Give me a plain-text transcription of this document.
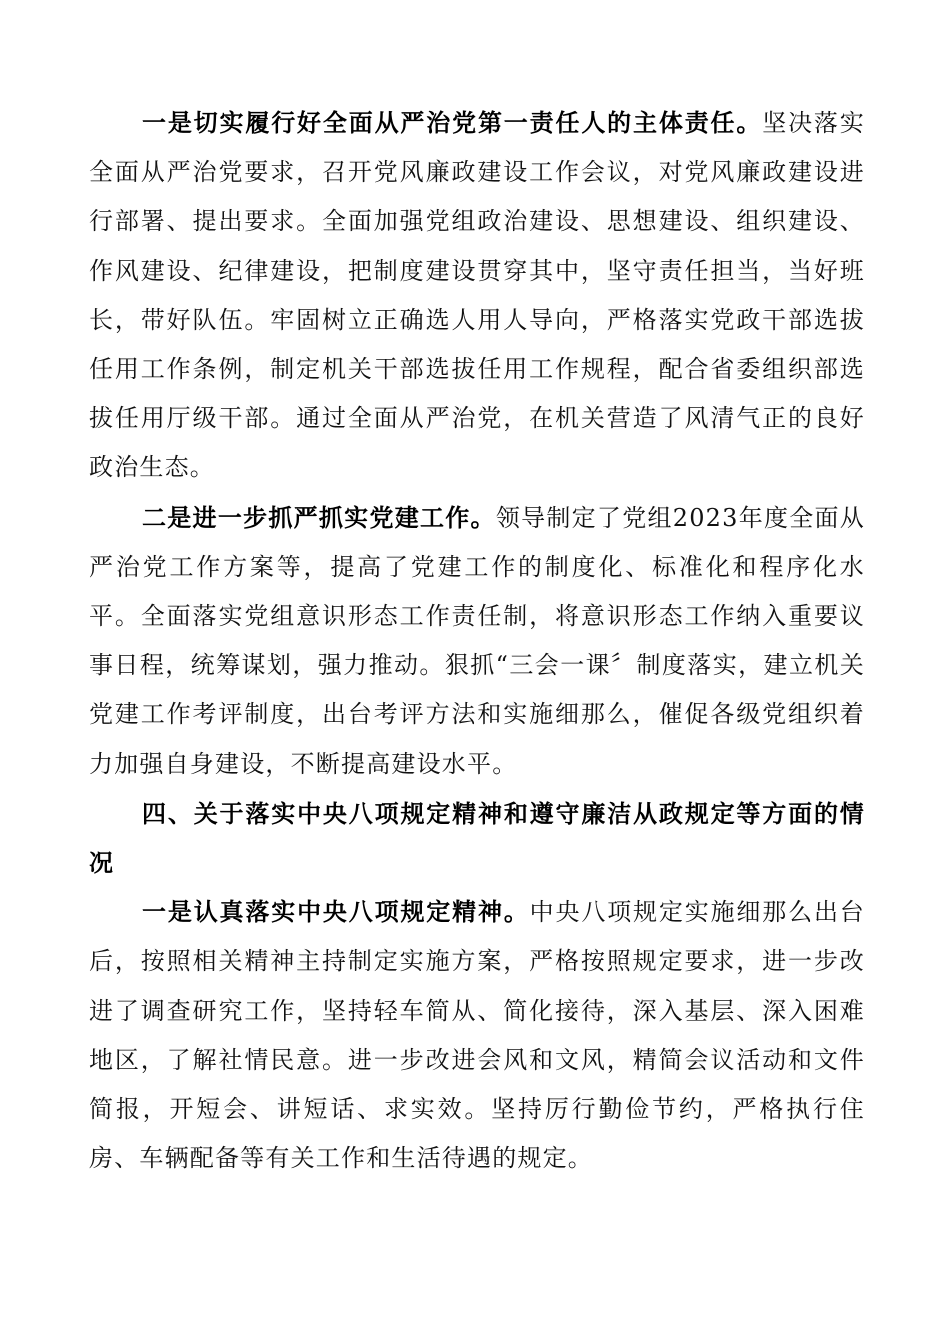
一是切实履行好全面从严治党第一责任人的主体责任。坚决落实全面从严治党要求，召开党风廉政建设工作会议，对党风廉政建设进行部署、提出要求。全面加强党组政治建设、思想建设、组织建设、作风建设、纪律建设，把制度建设贯穿其中，坚守责任担当，当好班长，带好队伍。牢固树立正确选人用人导向，严格落实党政干部选拔任用工作条例，制定机关干部选拔任用工作规程，配合省委组织部选拔任用厅级干部。通过全面从严治党，在机关营造了风清气正的良好政治生态。

二是进一步抓严抓实党建工作。领导制定了党组2023年度全面从严治党工作方案等，提高了党建工作的制度化、标准化和程序化水平。全面落实党组意识形态工作责任制，将意识形态工作纳入重要议事日程，统筹谋划，强力推动。狠抓“三会一课〞制度落实，建立机关党建工作考评制度，出台考评方法和实施细那么，催促各级党组织着力加强自身建设，不断提高建设水平。

四、关于落实中央八项规定精神和遵守廉洁从政规定等方面的情况

一是认真落实中央八项规定精神。中央八项规定实施细那么出台后，按照相关精神主持制定实施方案，严格按照规定要求，进一步改进了调查研究工作，坚持轻车简从、简化接待，深入基层、深入困难地区，了解社情民意。进一步改进会风和文风，精简会议活动和文件简报，开短会、讲短话、求实效。坚持厉行勤俭节约，严格执行住房、车辆配备等有关工作和生活待遇的规定。
